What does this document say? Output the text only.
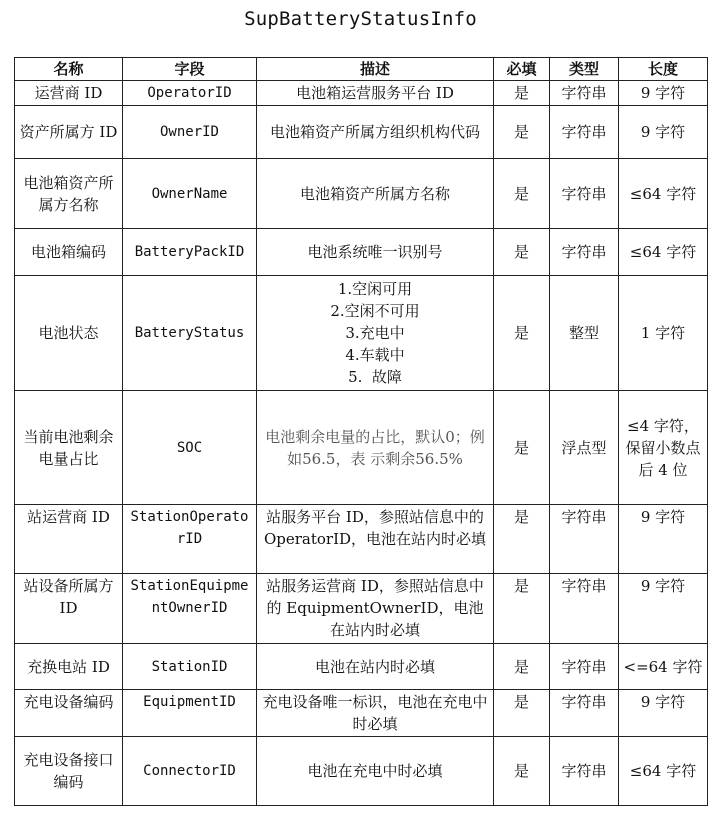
SupBatteryStatusInfo
名称	字段	描述	必填	类型	长度
运营商 ID	OperatorID	电池箱运营服务平台 ID	是	字符串	9 字符
资产所属方 ID	OwnerID	电池箱资产所属方组织机构代码	是	字符串	9 字符
电池箱资产所属方名称	OwnerName	电池箱资产所属方名称	是	字符串	≤64 字符
电池箱编码	BatteryPackID	电池系统唯一识别号	是	字符串	≤64 字符
电池状态	BatteryStatus	1.空闲可用
2.空闲不可用
3.充电中
4.车载中
5.  故障	是	整型	1 字符
当前电池剩余电量占比	SOC	电池剩余电量的占比，默认0；例如56.5，表 示剩余56.5%	是	浮点型	≤4 字符，保留小数点后 4 位
站运营商 ID	StationOperatorID	站服务平台 ID，参照站信息中的 OperatorID，电池在站内时必填	是	字符串	9 字符
站设备所属方 ID	StationEquipmentOwnerID	站服务运营商 ID，参照站信息中的 EquipmentOwnerID，电池在站内时必填	是	字符串	9 字符
充换电站 ID	StationID	电池在站内时必填	是	字符串	<=64 字符
充电设备编码	EquipmentID	充电设备唯一标识，电池在充电中时必填	是	字符串	9 字符
充电设备接口编码	ConnectorID	电池在充电中时必填	是	字符串	≤64 字符
